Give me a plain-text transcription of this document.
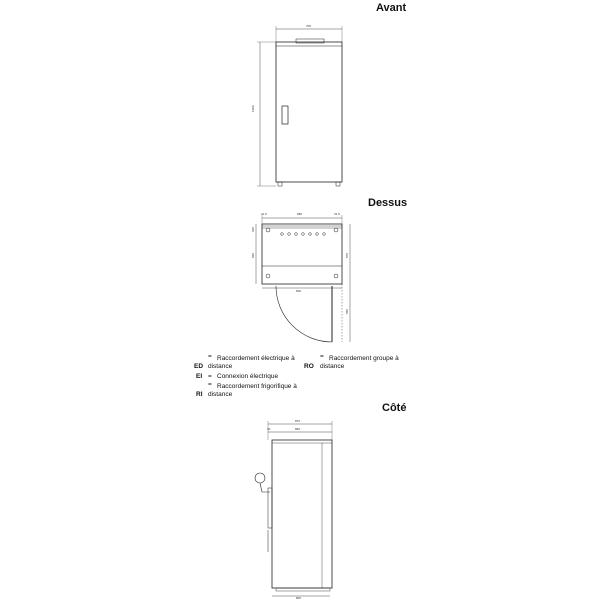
Avant
Dessus
Côté
= Raccordement électrique à distance
ED
= Raccordement groupe à distance
RO
EI = Connexion électrique
= Raccordement frigorifique à distance
RI
700
1900
31.5	680	31.5
860	870
660
600
650
870
860
30
800
